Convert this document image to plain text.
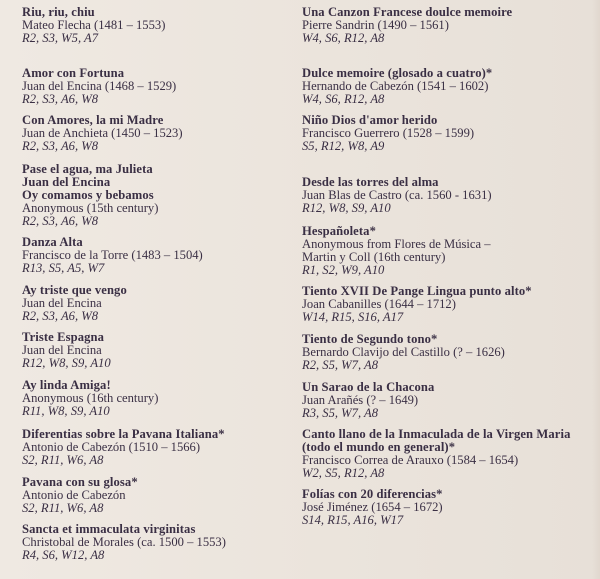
Riu, riu, chiu
Mateo Flecha (1481 – 1553)
R2, S3, W5, A7
Amor con Fortuna
Juan del Encina (1468 – 1529)
R2, S3, A6, W8
Con Amores, la mi Madre
Juan de Anchieta (1450 – 1523)
R2, S3, A6, W8
Pase el agua, ma Julieta
Juan del Encina
Oy comamos y bebamos
Anonymous (15th century)
R2, S3, A6, W8
Danza Alta
Francisco de la Torre (1483 – 1504)
R13, S5, A5, W7
Ay triste que vengo
Juan del Encina
R2, S3, A6, W8
Triste Espagna
Juan del Encina
R12, W8, S9, A10
Ay linda Amiga!
Anonymous (16th century)
R11, W8, S9, A10
Diferentias sobre la Pavana Italiana*
Antonio de Cabezón (1510 – 1566)
S2, R11, W6, A8
Pavana con su glosa*
Antonio de Cabezón
S2, R11, W6, A8
Sancta et immaculata virginitas
Christobal de Morales (ca. 1500 – 1553)
R4, S6, W12, A8
Una Canzon Francese doulce memoire
Pierre Sandrin (1490 – 1561)
W4, S6, R12, A8
Dulce memoire (glosado a cuatro)*
Hernando de Cabezón (1541 – 1602)
W4, S6, R12, A8
Niño Dios d'amor herido
Francisco Guerrero (1528 – 1599)
S5, R12, W8, A9
Desde las torres del alma
Juan Blas de Castro (ca. 1560 - 1631)
R12, W8, S9, A10
Hespañoleta*
Anonymous from Flores de Música –
Martin y Coll (16th century)
R1, S2, W9, A10
Tiento XVII De Pange Lingua punto alto*
Joan Cabanilles (1644 – 1712)
W14, R15, S16, A17
Tiento de Segundo tono*
Bernardo Clavijo del Castillo (? – 1626)
R2, S5, W7, A8
Un Sarao de la Chacona
Juan Arañés (? – 1649)
R3, S5, W7, A8
Canto llano de la Inmaculada de la Virgen Maria
(todo el mundo en general)*
Francisco Correa de Arauxo (1584 – 1654)
W2, S5, R12, A8
Folías con 20 diferencias*
José Jiménez (1654 – 1672)
S14, R15, A16, W17
